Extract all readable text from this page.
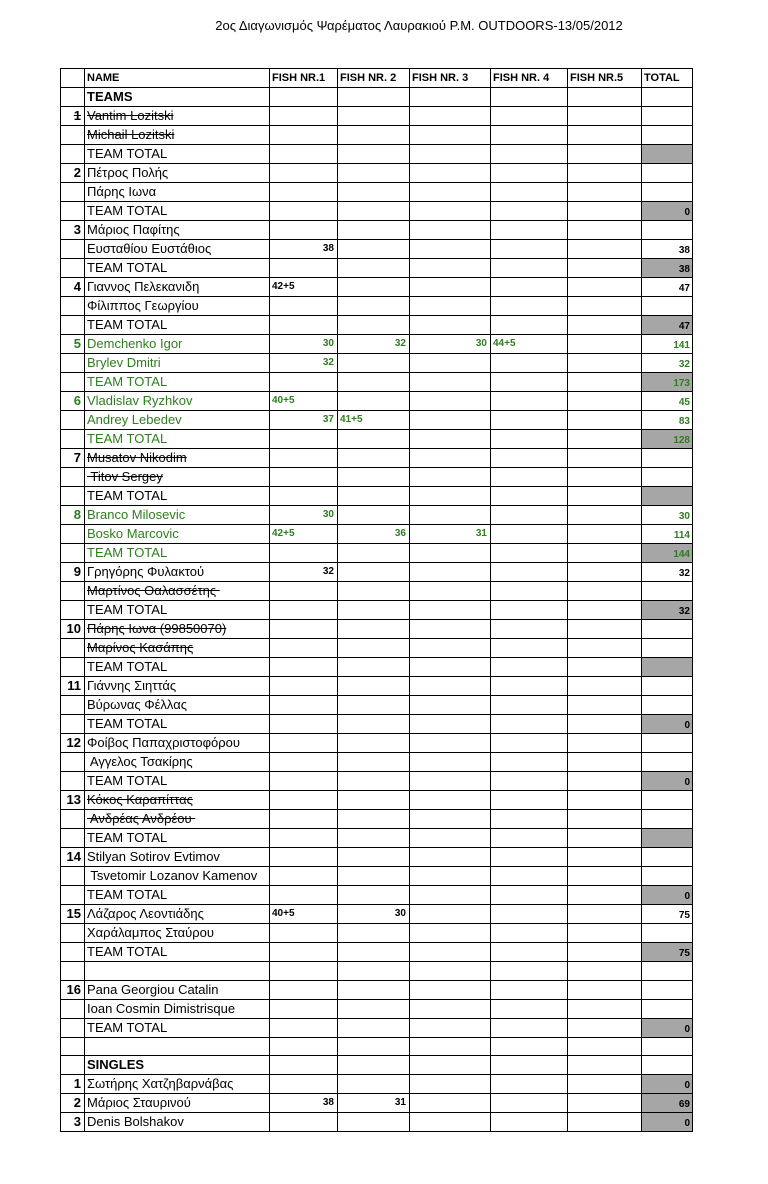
2ος Διαγωνισμός Ψαρέματος Λαυρακιού Ρ.Μ. OUTDOORS-13/05/2012
	NAME	FISH NR.1	FISH NR. 2	FISH NR. 3	FISH NR. 4	FISH NR.5	TOTAL
	TEAMS						
1	Vantim Lozitski						
	Michail Lozitski						
	TEAM TOTAL						
2	Πέτρος Πολής						
	Πάρης Ιωνα						
	TEAM TOTAL						0
3	Μάριος Παφίτης						
	Ευσταθίου Ευστάθιος	38					38
	TEAM TOTAL						38
4	Γιαννος Πελεκανιδη	42+5					47
	Φίλιππος Γεωργίου						
	TEAM TOTAL						47
5	Demchenko Igor	30	32	30	44+5		141
	Brylev Dmitri	32					32
	TEAM TOTAL						173
6	Vladislav Ryzhkov	40+5					45
	Andrey Lebedev	37	41+5				83
	TEAM TOTAL						128
7	Musatov Nikodim						
	Titov Sergey						
	TEAM TOTAL						
8	Branco Milosevic	30					30
	Bosko Marcovic	42+5	36	31			114
	TEAM TOTAL						144
9	Γρηγόρης Φυλακτού	32					32
	Μαρτίνος Θαλασσέτης						
	TEAM TOTAL						32
10	Πάρης Ιωνα (99850070)						
	Μαρίνος Κασάπης						
	TEAM TOTAL						
11	Γιάννης Σιηττάς						
	Βύρωνας Φέλλας						
	TEAM TOTAL						0
12	Φοίβος Παπαχριστοφόρου						
	Αγγελος Τσακίρης						
	TEAM TOTAL						0
13	Κόκος Καραπίττας						
	Ανδρέας Ανδρέου						
	TEAM TOTAL						
14	Stilyan Sotirov Evtimov						
	Tsvetomir Lozanov Kamenov						
	TEAM TOTAL						0
15	Λάζαρος Λεοντιάδης	40+5	30				75
	Χαράλαμπος Σταύρου						
	TEAM TOTAL						75

16	Pana Georgiou Catalin						
	Ioan Cosmin Dimistrisque						
	TEAM TOTAL						0

	SINGLES						
1	Σωτήρης Χατζηβαρνάβας						0
2	Μάριος Σταυρινού	38	31				69
3	Denis Bolshakov						0
